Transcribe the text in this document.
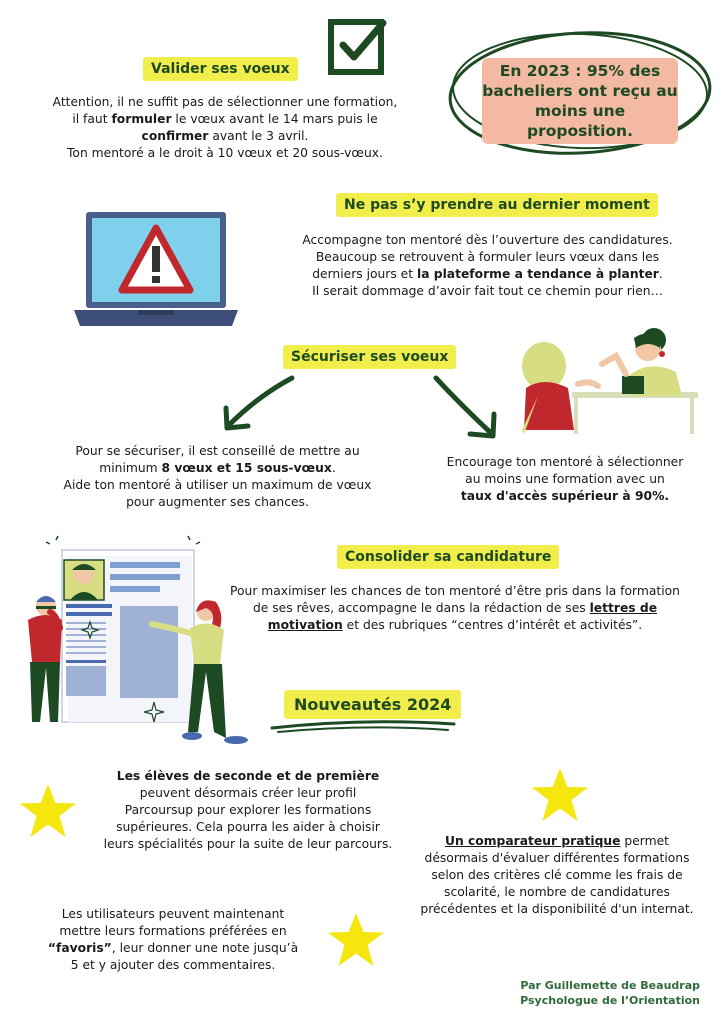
Valider ses voeux
Attention, il ne suffit pas de sélectionner une formation,
il faut formuler le vœux avant le 14 mars puis le
confirmer avant le 3 avril.
Ton mentoré a le droit à 10 vœux et 20 sous-vœux.
En 2023 : 95% des
bacheliers ont reçu au
moins une proposition.
Ne pas s’y prendre au dernier moment
Accompagne ton mentoré dès l’ouverture des candidatures.
Beaucoup se retrouvent à formuler leurs vœux dans les
derniers jours et la plateforme a tendance à planter.
Il serait dommage d’avoir fait tout ce chemin pour rien…
Sécuriser ses voeux
Pour se sécuriser, il est conseillé de mettre au
minimum 8 vœux et 15 sous-vœux.
Aide ton mentoré à utiliser un maximum de vœux
pour augmenter ses chances.
Encourage ton mentoré à sélectionner
au moins une formation avec un
taux d'accès supérieur à 90%.
Consolider sa candidature
Pour maximiser les chances de ton mentoré d’être pris dans la formation
de ses rêves, accompagne le dans la rédaction de ses lettres de
motivation et des rubriques “centres d’intérêt et activités”.
Nouveautés 2024
Les élèves de seconde et de première
peuvent désormais créer leur profil
Parcoursup pour explorer les formations
supérieures. Cela pourra les aider à choisir
leurs spécialités pour la suite de leur parcours.	Un comparateur pratique permet
désormais d'évaluer différentes formations
selon des critères clé comme les frais de
scolarité, le nombre de candidatures
précédentes et la disponibilité d'un internat.
Les utilisateurs peuvent maintenant
mettre leurs formations préférées en
“favoris”, leur donner une note jusqu’à
5 et y ajouter des commentaires.
Par Guillemette de Beaudrap
Psychologue de l’Orientation
